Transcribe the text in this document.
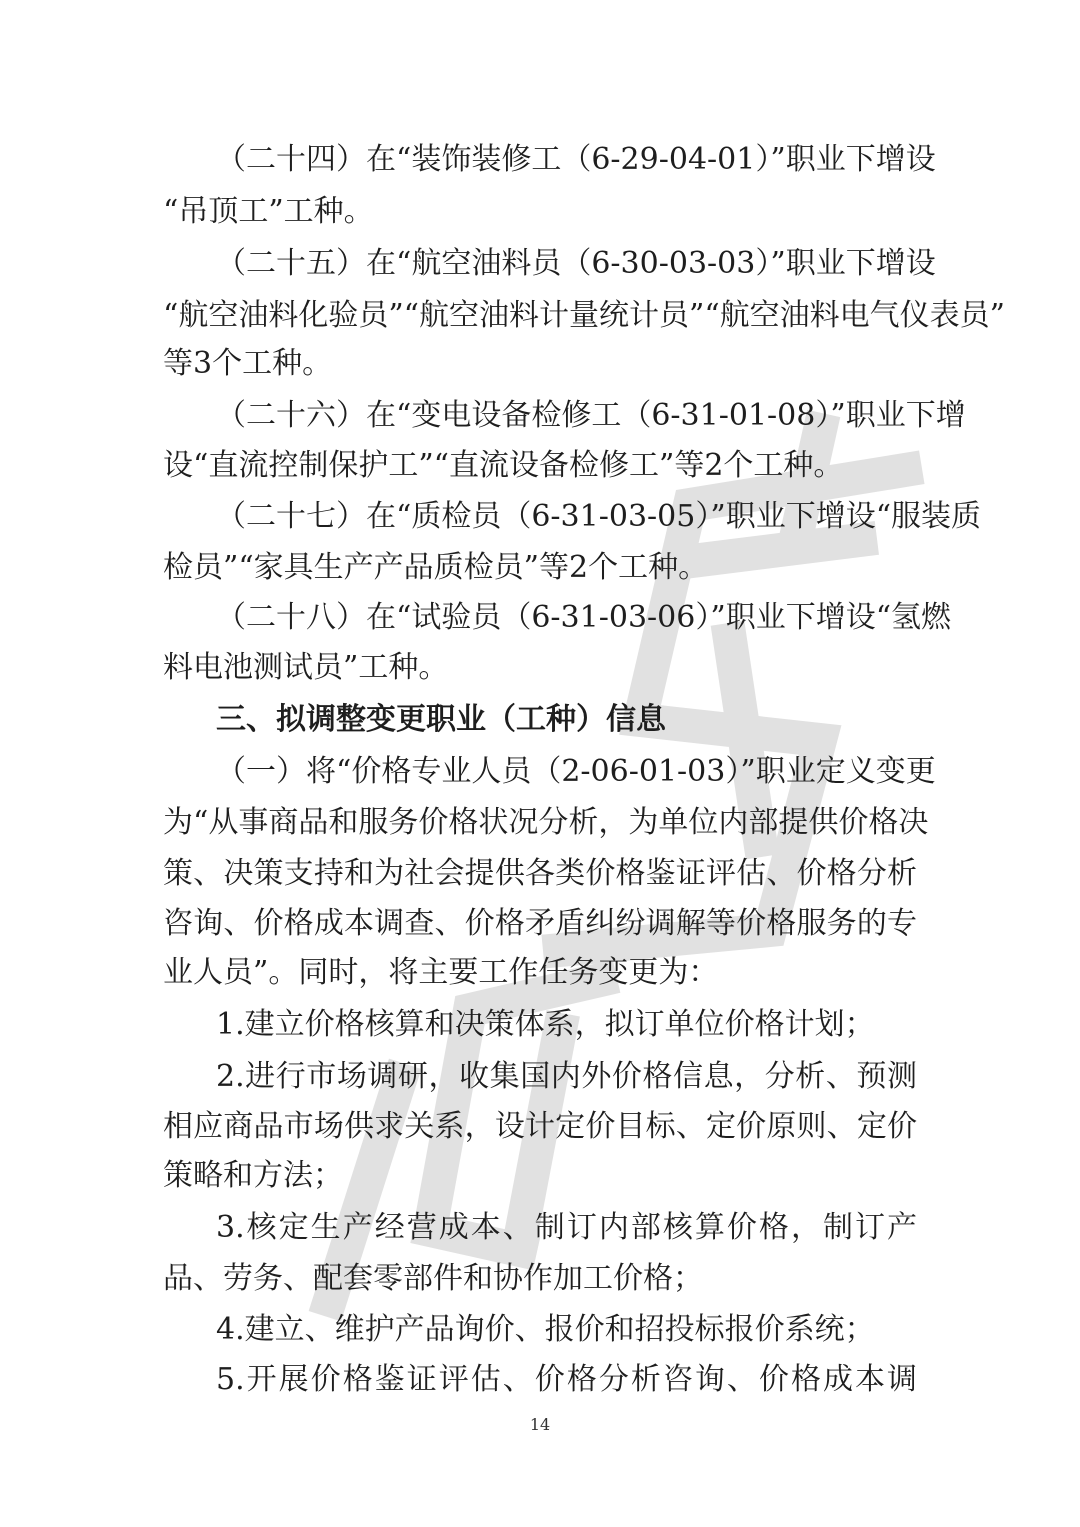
（二十四）在“装饰装修工（6-29-04-01）”职业下增设
“吊顶工”工种。
（二十五）在“航空油料员（6-30-03-03）”职业下增设
“航空油料化验员”“航空油料计量统计员”“航空油料电气仪表员”
等3个工种。
（二十六）在“变电设备检修工（6-31-01-08）”职业下增
设“直流控制保护工”“直流设备检修工”等2个工种。
（二十七）在“质检员（6-31-03-05）”职业下增设“服装质
检员”“家具生产产品质检员”等2个工种。
（二十八）在“试验员（6-31-03-06）”职业下增设“氢燃
料电池测试员”工种。
三、拟调整变更职业（工种）信息
（一）将“价格专业人员（2-06-01-03）”职业定义变更
为“从事商品和服务价格状况分析，为单位内部提供价格决
策、决策支持和为社会提供各类价格鉴证评估、价格分析
咨询、价格成本调查、价格矛盾纠纷调解等价格服务的专
业人员”。同时，将主要工作任务变更为：
1.建立价格核算和决策体系，拟订单位价格计划；
2.进行市场调研，收集国内外价格信息，分析、预测
相应商品市场供求关系，设计定价目标、定价原则、定价
策略和方法；
3.核定生产经营成本、制订内部核算价格，制订产
品、劳务、配套零部件和协作加工价格；
4.建立、维护产品询价、报价和招投标报价系统；
5.开展价格鉴证评估、价格分析咨询、价格成本调
14
